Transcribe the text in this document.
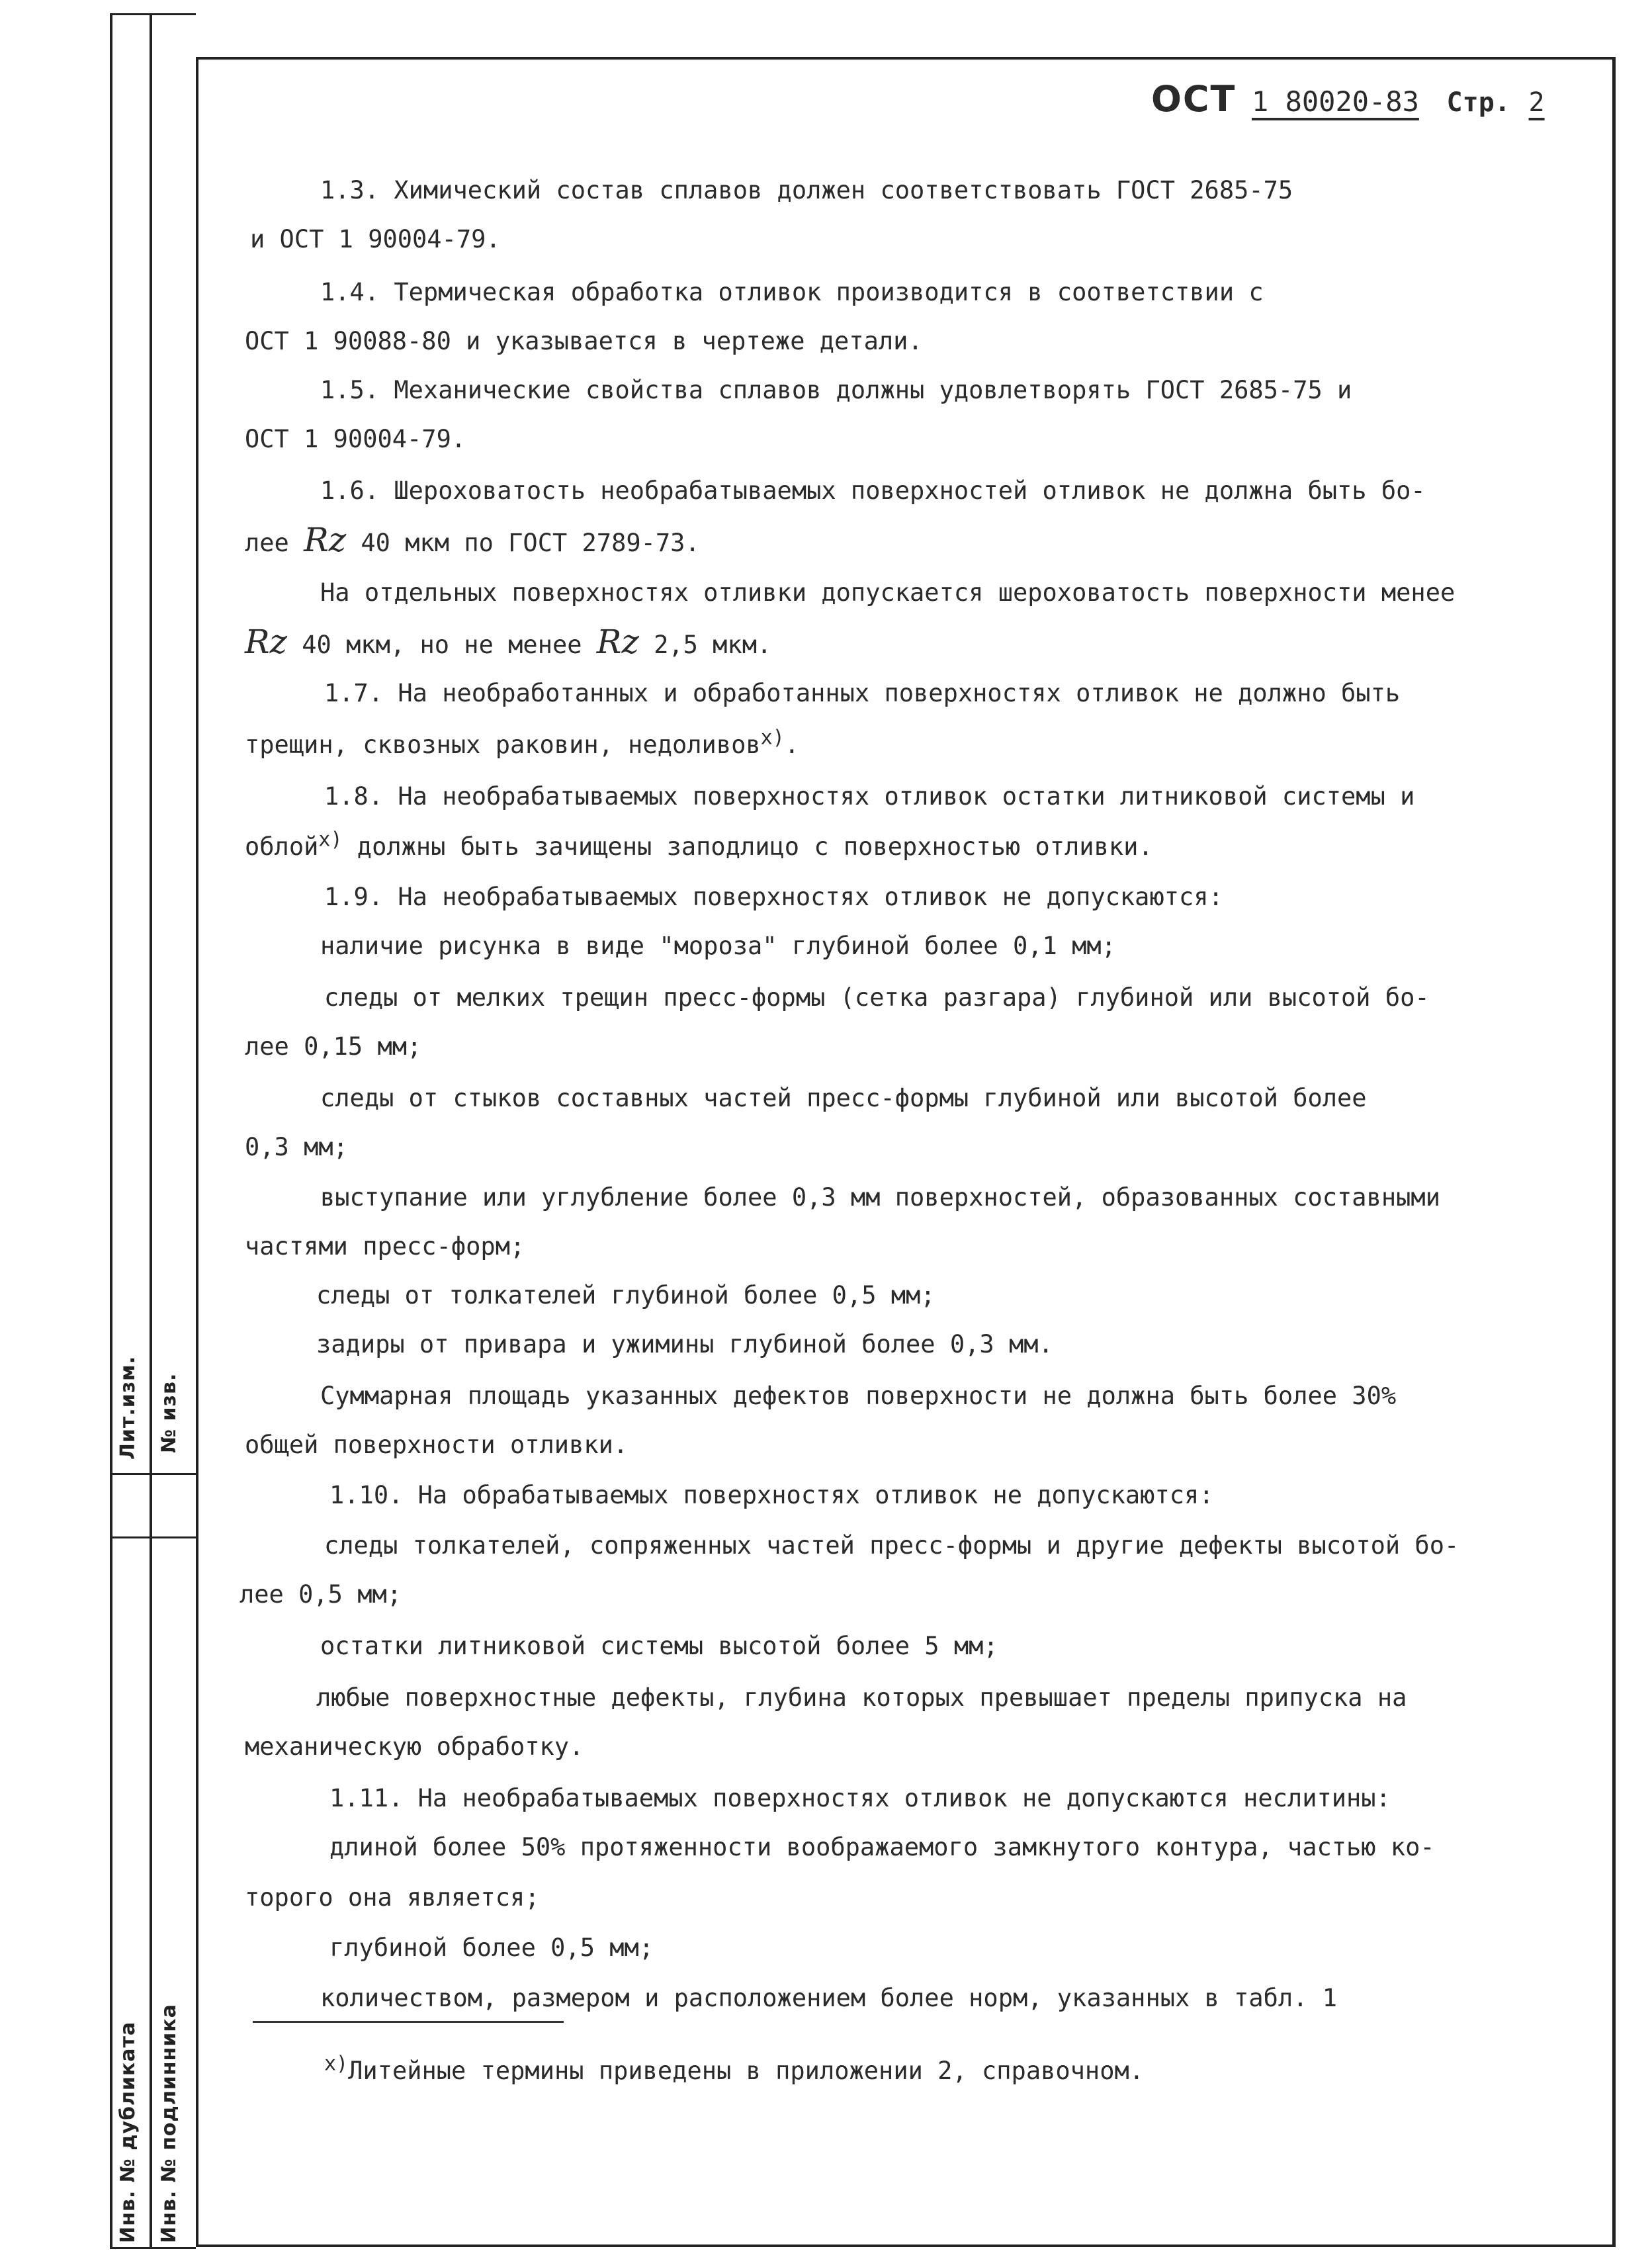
Лит.изм. № изв.
Инв. № дубликата Инв. № подлинника
ОСТ 1 80020-83 Стр. 2
1.3. Химический состав сплавов должен соответствовать ГОСТ 2685-75
и ОСТ 1 90004-79.
1.4. Термическая обработка отливок производится в соответствии с
ОСТ 1 90088-80 и указывается в чертеже детали.
1.5. Механические свойства сплавов должны удовлетворять ГОСТ 2685-75 и
ОСТ 1 90004-79.
1.6. Шероховатость необрабатываемых поверхностей отливок не должна быть бо-
лее Rz 40 мкм по ГОСТ 2789-73.
На отдельных поверхностях отливки допускается шероховатость поверхности менее
Rz 40 мкм, но не менее Rz 2,5 мкм.
1.7. На необработанных и обработанных поверхностях отливок не должно быть
трещин, сквозных раковин, недоливов$^{x)}$.
1.8. На необрабатываемых поверхностях отливок остатки литниковой системы и
облой$^{x)}$ должны быть зачищены заподлицо с поверхностью отливки.
1.9. На необрабатываемых поверхностях отливок не допускаются:
наличие рисунка в виде "мороза" глубиной более 0,1 мм;
следы от мелких трещин пресс-формы (сетка разгара) глубиной или высотой бо-
лее 0,15 мм;
следы от стыков составных частей пресс-формы глубиной или высотой более
0,3 мм;
выступание или углубление более 0,3 мм поверхностей, образованных составными
частями пресс-форм;
следы от толкателей глубиной более 0,5 мм;
задиры от привара и ужимины глубиной более 0,3 мм.
Суммарная площадь указанных дефектов поверхности не должна быть более 30%
общей поверхности отливки.
1.10. На обрабатываемых поверхностях отливок не допускаются:
следы толкателей, сопряженных частей пресс-формы и другие дефекты высотой бо-
лее 0,5 мм;
остатки литниковой системы высотой более 5 мм;
любые поверхностные дефекты, глубина которых превышает пределы припуска на
механическую обработку.
1.11. На необрабатываемых поверхностях отливок не допускаются неслитины:
длиной более 50% протяженности воображаемого замкнутого контура, частью ко-
торого она является;
глубиной более 0,5 мм;
количеством, размером и расположением более норм, указанных в табл. 1
$^{x)}$Литейные термины приведены в приложении 2, справочном.
